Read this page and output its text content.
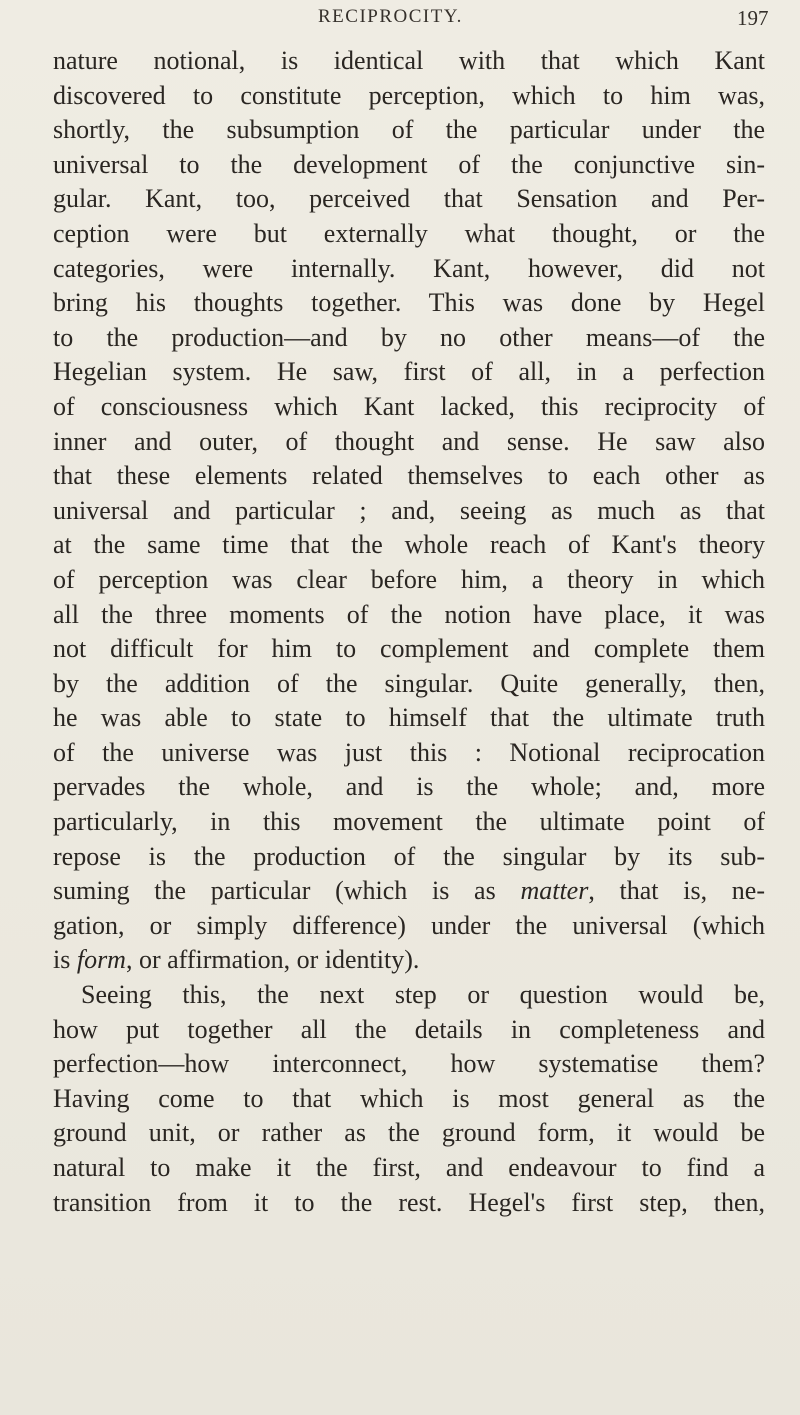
RECIPROCITY.	197
nature notional, is identical with that which Kant
discovered to constitute perception, which to him was,
shortly, the subsumption of the particular under the
universal to the development of the conjunctive sin-
gular. Kant, too, perceived that Sensation and Per-
ception were but externally what thought, or the
categories, were internally. Kant, however, did not
bring his thoughts together. This was done by Hegel
to the production—and by no other means—of the
Hegelian system. He saw, first of all, in a perfection
of consciousness which Kant lacked, this reciprocity of
inner and outer, of thought and sense. He saw also
that these elements related themselves to each other as
universal and particular ; and, seeing as much as that
at the same time that the whole reach of Kant's theory
of perception was clear before him, a theory in which
all the three moments of the notion have place, it was
not difficult for him to complement and complete them
by the addition of the singular. Quite generally, then,
he was able to state to himself that the ultimate truth
of the universe was just this : Notional reciprocation
pervades the whole, and is the whole; and, more
particularly, in this movement the ultimate point of
repose is the production of the singular by its sub-
suming the particular (which is as matter, that is, ne-
gation, or simply difference) under the universal (which
is form, or affirmation, or identity).
Seeing this, the next step or question would be,
how put together all the details in completeness and
perfection—how interconnect, how systematise them?
Having come to that which is most general as the
ground unit, or rather as the ground form, it would be
natural to make it the first, and endeavour to find a
transition from it to the rest. Hegel's first step, then,
